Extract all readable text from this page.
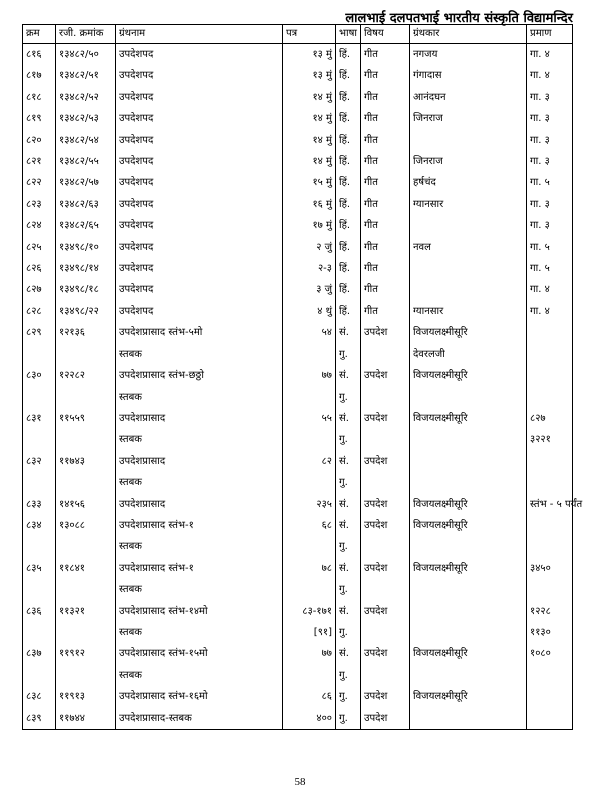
लालभाई दलपतभाई भारतीय संस्कृति विद्यामन्दिर
क्रम	रजी. क्रमांक	ग्रंथनाम	पत्र	भाषा	विषय	ग्रंथकार	प्रमाण
८१६	१३४८२/५०	उपदेशपद	१३ मुं	हिं.	गीत	नगजय	गा. ४
८१७	१३४८२/५१	उपदेशपद	१३ मुं	हिं.	गीत	गंगादास	गा. ४
८१८	१३४८२/५२	उपदेशपद	१४ मुं	हिं.	गीत	आनंदघन	गा. ३
८१९	१३४८२/५३	उपदेशपद	१४ मुं	हिं.	गीत	जिनराज	गा. ३
८२०	१३४८२/५४	उपदेशपद	१४ मुं	हिं.	गीत		गा. ३
८२१	१३४८२/५५	उपदेशपद	१४ मुं	हिं.	गीत	जिनराज	गा. ३
८२२	१३४८२/५७	उपदेशपद	१५ मुं	हिं.	गीत	हर्षचंद	गा. ५
८२३	१३४८२/६३	उपदेशपद	१६ मुं	हिं.	गीत	ग्यानसार	गा. ३
८२४	१३४८२/६५	उपदेशपद	१७ मुं	हिं.	गीत		गा. ३
८२५	१३४९८/१०	उपदेशपद	२ जुं	हिं.	गीत	नवल	गा. ५
८२६	१३४९८/१४	उपदेशपद	२-३	हिं.	गीत		गा. ५
८२७	१३४९८/१८	उपदेशपद	३ जुं	हिं.	गीत		गा. ४
८२८	१३४९८/२२	उपदेशपद	४ थुं	हिं.	गीत	ग्यानसार	गा. ४
८२९	१२१३६	उपदेशप्रासाद स्तंभ-५मो	५४	सं.	उपदेश	विजयलक्ष्मीसूरि	
		स्तबक		गु.		देवरलजी	
८३०	१२२८२	उपदेशप्रासाद स्तंभ-छठ्ठो	७७	सं.	उपदेश	विजयलक्ष्मीसूरि	
		स्तबक		गु.			
८३१	११५५९	उपदेशप्रासाद	५५	सं.	उपदेश	विजयलक्ष्मीसूरि	८२७
		स्तबक		गु.			३२२१
८३२	११७४३	उपदेशप्रासाद	८२	सं.	उपदेश		
		स्तबक		गु.			
८३३	१४१५६	उपदेशप्रासाद	२३५	सं.	उपदेश	विजयलक्ष्मीसूरि	स्तंभ - ५ पर्यंत
८३४	१३०८८	उपदेशप्रासाद स्तंभ-१	६८	सं.	उपदेश	विजयलक्ष्मीसूरि	
		स्तबक		गु.			
८३५	११८४१	उपदेशप्रासाद स्तंभ-१	७८	सं.	उपदेश	विजयलक्ष्मीसूरि	३४५०
		स्तबक		गु.			
८३६	११३२१	उपदेशप्रासाद स्तंभ-१४मो	८३-१७१	सं.	उपदेश		१२२८
		स्तबक	[९१]	गु.			११३०
८३७	११९१२	उपदेशप्रासाद स्तंभ-१५मो	७७	सं.	उपदेश	विजयलक्ष्मीसूरि	१०८०
		स्तबक		गु.			
८३८	११९१३	उपदेशप्रासाद स्तंभ-१६मो	८६	गु.	उपदेश	विजयलक्ष्मीसूरि	
८३९	११७४४	उपदेशप्रासाद-स्तबक	४००	गु.	उपदेश		
58
